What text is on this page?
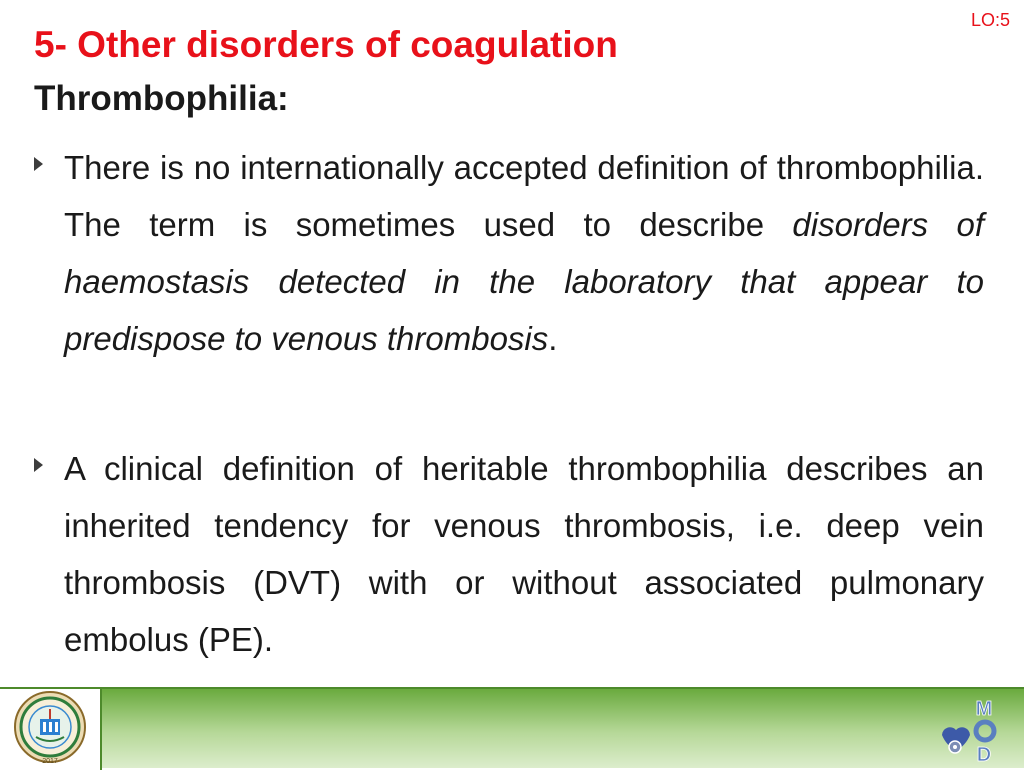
LO:5
5- Other disorders of coagulation
Thrombophilia:

There is no internationally accepted definition of thrombophilia. The term is sometimes used to describe disorders of haemostasis detected in the laboratory that appear to predispose to venous thrombosis.

A clinical definition of heritable thrombophilia describes an inherited tendency for venous thrombosis, i.e. deep vein thrombosis (DVT) with or without associated pulmonary embolus (PE).

2017
M
D
